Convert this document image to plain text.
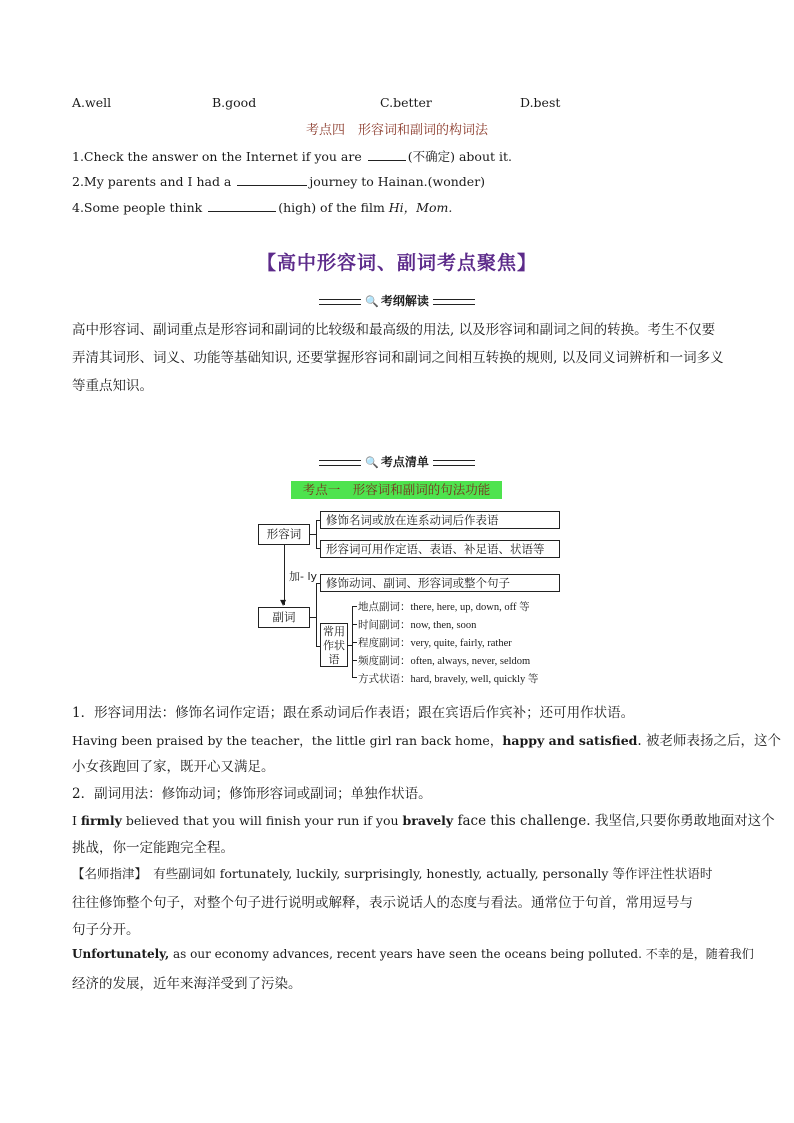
A.well	B.good	C.better	D.best
考点四　形容词和副词的构词法
1.Check the answer on the Internet if you are	(不确定) about it.
2.My parents and I had a	journey to Hainan.(wonder)
4.Some people think	(high) of the film Hi，Mom.
【高中形容词、副词考点聚焦】
🔍 考纲解读

高中形容词、副词重点是形容词和副词的比较级和最高级的用法, 以及形容词和副词之间的转换。考生不仅要弄清其词形、词义、功能等基础知识, 还要掌握形容词和副词之间相互转换的规则, 以及同义词辨析和一词多义等重点知识。

🔍 考点清单
考点一　形容词和副词的句法功能
形容词
副词
▼
加- ly
修饰名词或放在连系动词后作表语
形容词可用作定语、表语、补足语、状语等
修饰动词、副词、形容词或整个句子
常用作状语
地点副词：there, here, up, down, off 等
时间副词：now, then, soon
程度副词：very, quite, fairly, rather
频度副词：often, always, never, seldom
方式状语：hard, bravely, well, quickly 等
1．形容词用法：修饰名词作定语；跟在系动词后作表语；跟在宾语后作宾补；还可用作状语。
Having been praised by the teacher，the little girl ran back home，happy and satisfied. 被老师表扬之后，这个
小女孩跑回了家，既开心又满足。
2．副词用法：修饰动词；修饰形容词或副词；单独作状语。
I firmly believed that you will finish your run if you bravely face this challenge. 我坚信,只要你勇敢地面对这个
挑战，你一定能跑完全程。
【名师指津】　有些副词如 fortunately, luckily, surprisingly, honestly, actually, personally 等作评注性状语时
往往修饰整个句子，对整个句子进行说明或解释，表示说话人的态度与看法。通常位于句首，常用逗号与
句子分开。
Unfortunately, as our economy advances, recent years have seen the oceans being polluted. 不幸的是，随着我们
经济的发展，近年来海洋受到了污染。
